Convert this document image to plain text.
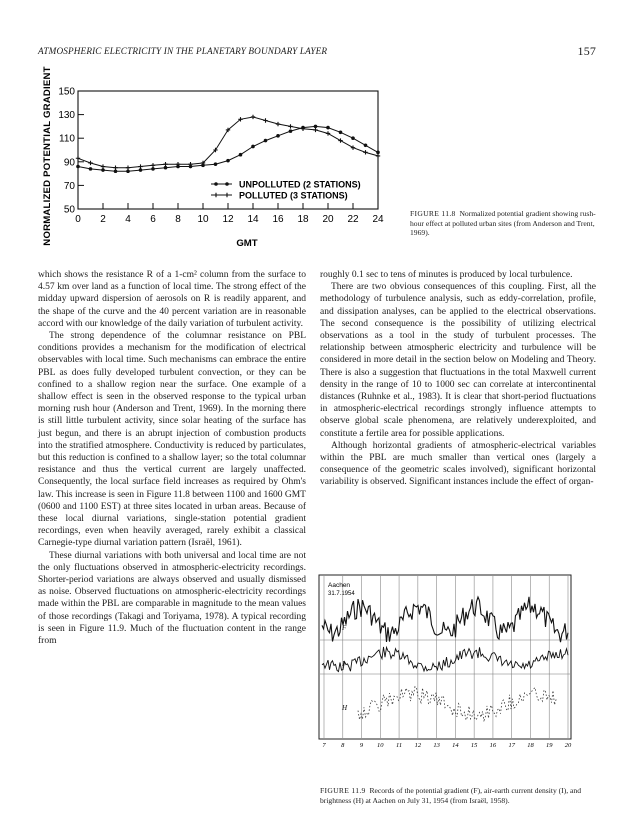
ATMOSPHERIC ELECTRICITY IN THE PLANETARY BOUNDARY LAYER	157
NORMALIZED POTENTIAL GRADIENT	GMT
0 2 4 6 8 10 12 14 16 18 20 22 24
150
130
110
90
70
50
UNPOLLUTED (2 STATIONS)
POLLUTED (3 STATIONS)
FIGURE 11.8 Normalized potential gradient showing rush-hour effect at polluted urban sites (from Anderson and Trent, 1969).

which shows the resistance R of a 1-cm² column from the surface to 4.57 km over land as a function of local time. The strong effect of the midday upward dispersion of aerosols on R is readily apparent, and the shape of the curve and the 40 percent variation are in reasonable accord with our knowledge of the daily variation of turbulent activity.

The strong dependence of the columnar resistance on PBL conditions provides a mechanism for the modification of electrical observables with local time. Such mechanisms can embrace the entire PBL as does fully developed turbulent convection, or they can be confined to a shallow region near the surface. One example of a shallow effect is seen in the observed response to the typical urban morning rush hour (Anderson and Trent, 1969). In the morning there is still little turbulent activity, since solar heating of the surface has just begun, and there is an abrupt injection of combustion products into the stratified atmosphere. Conductivity is reduced by particulates, but this reduction is confined to a shallow layer; so the total columnar resistance and thus the vertical current are largely unaffected. Consequently, the local surface field increases as required by Ohm's law. This increase is seen in Figure 11.8 between 1100 and 1600 GMT (0600 and 1100 EST) at three sites located in urban areas. Because of these local diurnal variations, single-station potential gradient recordings, even when heavily averaged, rarely exhibit a classical Carnegie-type diurnal variation pattern (Israël, 1961).

These diurnal variations with both universal and local time are not the only fluctuations observed in atmospheric-electricity recordings. Shorter-period variations are always observed and usually dismissed as noise. Observed fluctuations on atmospheric-electricity recordings made within the PBL are comparable in magnitude to the mean values of those recordings (Takagi and Toriyama, 1978). A typical recording is seen in Figure 11.9. Much of the fluctuation content in the range from

roughly 0.1 sec to tens of minutes is produced by local turbulence.

There are two obvious consequences of this coupling. First, all the methodology of turbulence analysis, such as eddy-correlation, profile, and dissipation analyses, can be applied to the electrical observations. The second consequence is the possibility of utilizing electrical observations as a tool in the study of turbulent processes. The relationship between atmospheric electricity and turbulence will be considered in more detail in the section below on Modeling and Theory. There is also a suggestion that fluctuations in the total Maxwell current density in the range of 10 to 1000 sec can correlate at intercontinental distances (Ruhnke et al., 1983). It is clear that short-period fluctuations in atmospheric-electrical recordings strongly influence attempts to observe global scale phenomena, are relatively underexploited, and constitute a fertile area for possible applications.

Although horizontal gradients of atmospheric-electrical variables within the PBL are much smaller than vertical ones (largely a consequence of the geometric scales involved), significant horizontal variability is observed. Significant instances include the effect of organ-

Aachen
31.7.1954
F
I
H
7 8 9 10 11 12 13 14 15 16 17 18 19 20
FIGURE 11.9 Records of the potential gradient (F), air-earth current density (I), and brightness (H) at Aachen on July 31, 1954 (from Israël, 1958).
